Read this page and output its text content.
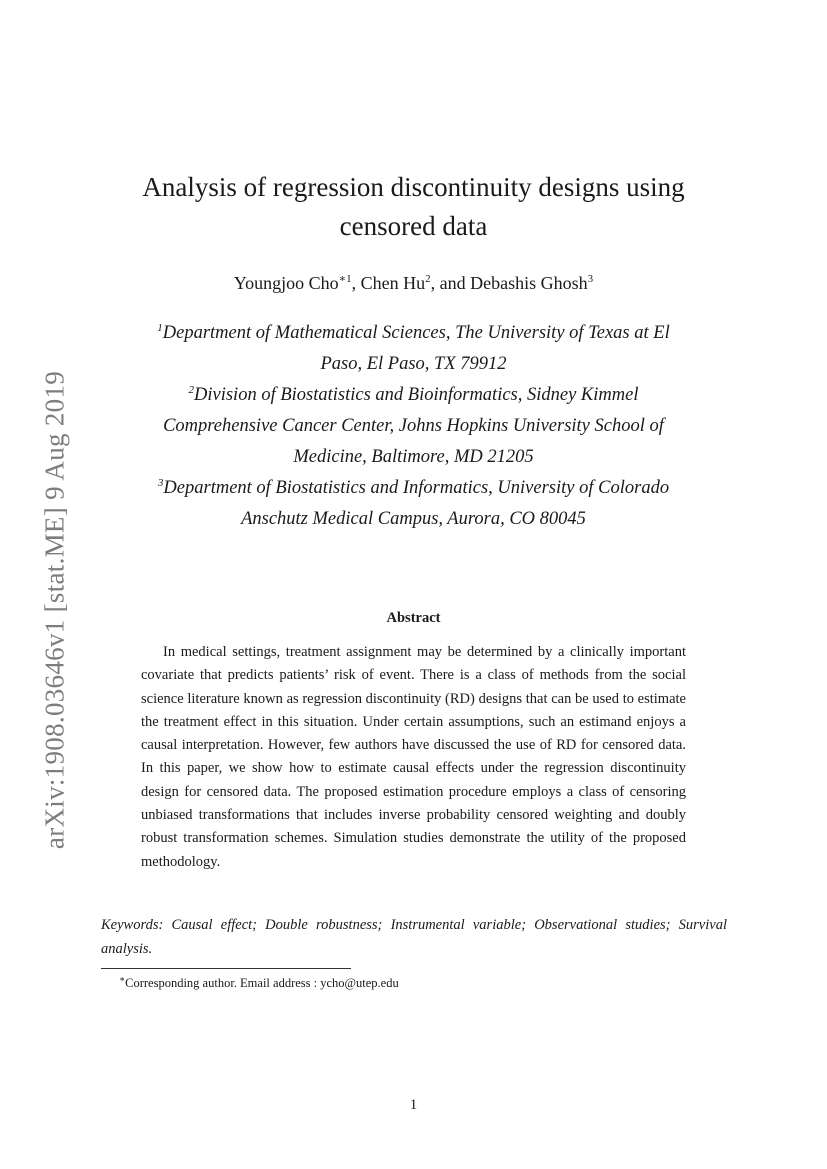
arXiv:1908.03646v1 [stat.ME] 9 Aug 2019
Analysis of regression discontinuity designs using censored data
Youngjoo Cho$^{∗1}$, Chen Hu$^2$, and Debashis Ghosh$^3$
$^1$Department of Mathematical Sciences, The University of Texas at El
Paso, El Paso, TX 79912
$^2$Division of Biostatistics and Bioinformatics, Sidney Kimmel
Comprehensive Cancer Center, Johns Hopkins University School of
Medicine, Baltimore, MD 21205
$^3$Department of Biostatistics and Informatics, University of Colorado
Anschutz Medical Campus, Aurora, CO 80045
Abstract

In medical settings, treatment assignment may be determined by a clinically important covariate that predicts patients’ risk of event. There is a class of methods from the social science literature known as regression discontinuity (RD) designs that can be used to estimate the treatment effect in this situation. Under certain assumptions, such an estimand enjoys a causal interpretation. However, few authors have discussed the use of RD for censored data. In this paper, we show how to estimate causal effects under the regression discontinuity design for censored data. The proposed estimation procedure employs a class of censoring unbiased transformations that includes inverse probability censored weighting and doubly robust transformation schemes. Simulation studies demonstrate the utility of the proposed methodology.

Keywords: Causal effect; Double robustness; Instrumental variable; Observational studies; Survival analysis.

∗Corresponding author. Email address : ycho@utep.edu
1
